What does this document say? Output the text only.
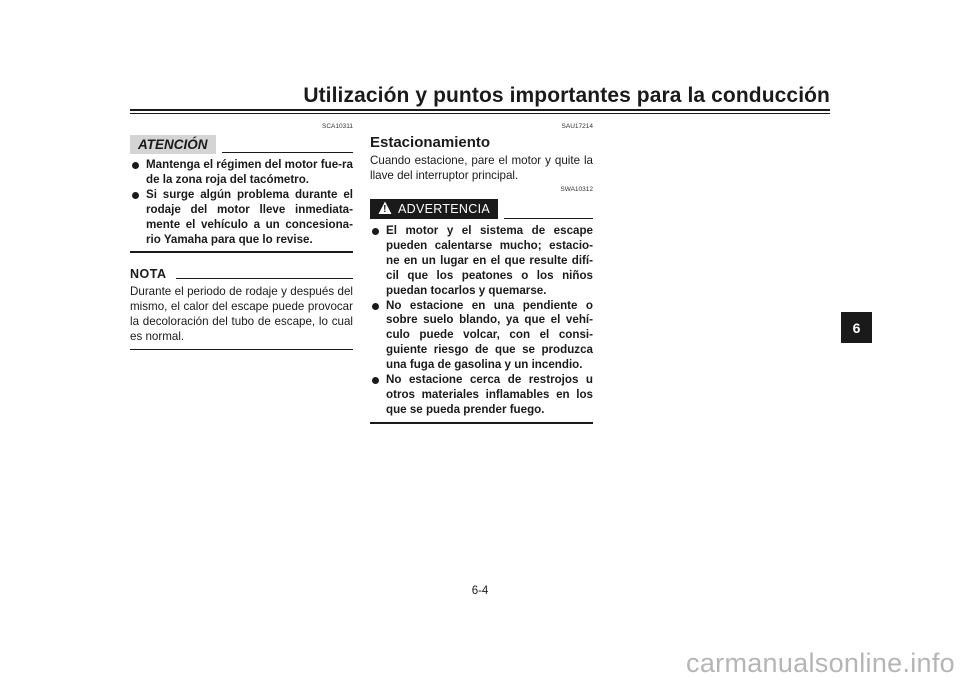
Utilización y puntos importantes para la conducción
SCA10311
ATENCIÓN
Mantenga el régimen del motor fue-ra de la zona roja del tacómetro.
Si surge algún problema durante el rodaje del motor lleve inmediata-mente el vehículo a un concesiona-rio Yamaha para que lo revise.
NOTA
Durante el periodo de rodaje y después del mismo, el calor del escape puede provocar la decoloración del tubo de escape, lo cual es normal.
SAU17214
Estacionamiento
Cuando estacione, pare el motor y quite la llave del interruptor principal.
SWA10312
! ADVERTENCIA
El motor y el sistema de escape pueden calentarse mucho; estacio-ne en un lugar en el que resulte difí-cil que los peatones o los niños puedan tocarlos y quemarse.
No estacione en una pendiente o sobre suelo blando, ya que el vehí-culo puede volcar, con el consi-guiente riesgo de que se produzca una fuga de gasolina y un incendio.
No estacione cerca de restrojos u otros materiales inflamables en los que se pueda prender fuego.
6
6-4
carmanualsonline.info
